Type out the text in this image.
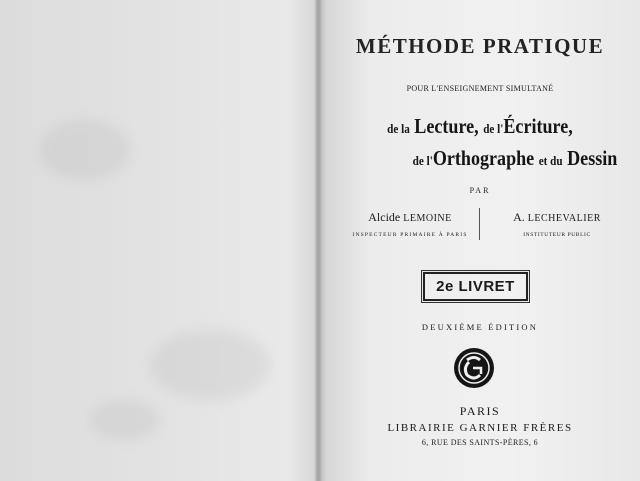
MÉTHODE PRATIQUE
POUR L'ENSEIGNEMENT SIMULTANÉ
de la Lecture, de l'Écriture,
de l'Orthographe et du Dessin
PAR
Alcide LEMOINE	A. LECHEVALIER
INSPECTEUR PRIMAIRE À PARIS	INSTITUTEUR PUBLIC
2e LIVRET
DEUXIÈME ÉDITION
PARIS
LIBRAIRIE GARNIER FRÈRES
6, RUE DES SAINTS-PÈRES, 6
